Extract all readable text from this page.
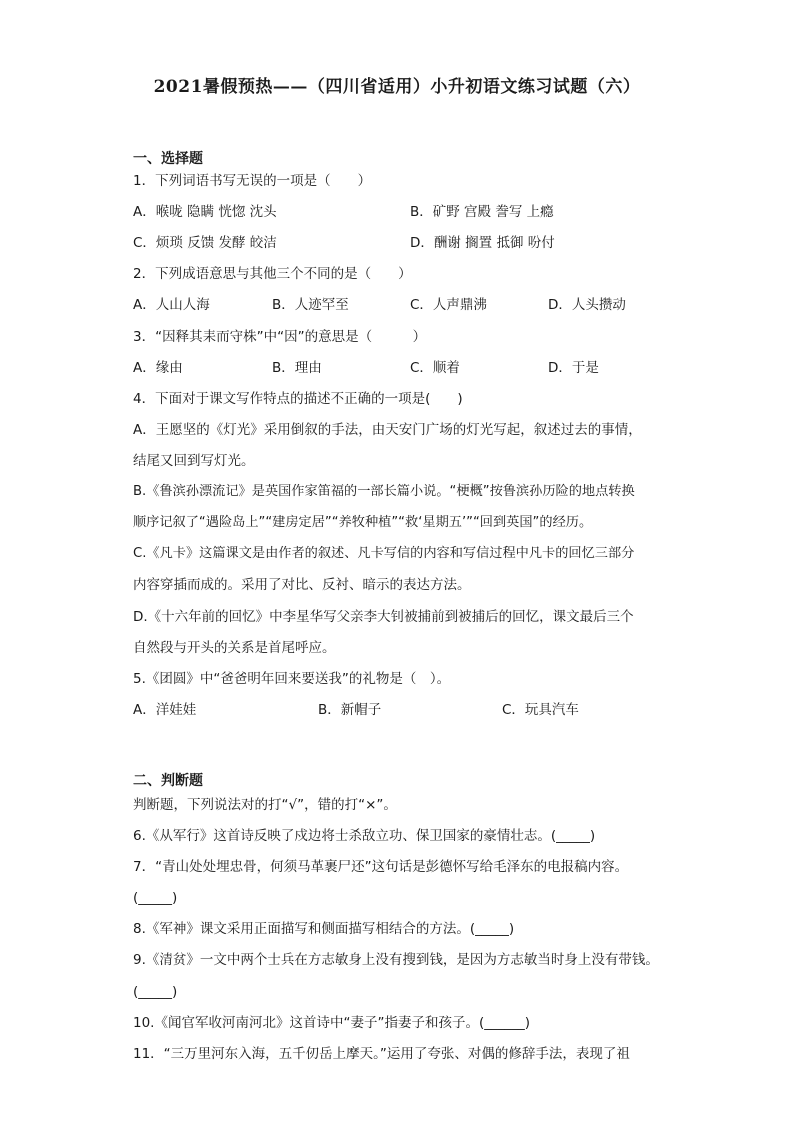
2021暑假预热——（四川省适用）小升初语文练习试题（六）
一、选择题
1．下列词语书写无误的一项是（　　）
A．喉咙 隐瞒 恍惚 沈头	B．矿野 宫殿 誊写 上瘾
C．烦琐 反馈 发酵 皎洁	D．酬谢 搁置 抵御 吩付
2．下列成语意思与其他三个不同的是（　　）
A．人山人海	B．人迹罕至	C．人声鼎沸	D．人头攒动
3．“因释其耒而守株”中“因”的意思是（　　　）
A．缘由	B．理由	C．顺着	D．于是
4．下面对于课文写作特点的描述不正确的一项是(　　)
A．王愿坚的《灯光》采用倒叙的手法，由天安门广场的灯光写起，叙述过去的事情，
结尾又回到写灯光。
B.《鲁滨孙漂流记》是英国作家笛福的一部长篇小说。“梗概”按鲁滨孙历险的地点转换
顺序记叙了“遇险岛上”“建房定居”“养牧种植”“救‘星期五’”“回到英国”的经历。
C.《凡卡》这篇课文是由作者的叙述、凡卡写信的内容和写信过程中凡卡的回忆三部分
内容穿插而成的。采用了对比、反衬、暗示的表达方法。
D.《十六年前的回忆》中李星华写父亲李大钊被捕前到被捕后的回忆，课文最后三个
自然段与开头的关系是首尾呼应。
5.《团圆》中“爸爸明年回来要送我”的礼物是（　）。
A．洋娃娃	B．新帽子	C．玩具汽车
二、判断题
判断题，下列说法对的打“√”，错的打“×”。
6.《从军行》这首诗反映了戍边将士杀敌立功、保卫国家的豪情壮志。(_____)
7．“青山处处埋忠骨，何须马革裹尸还”这句话是彭德怀写给毛泽东的电报稿内容。
(_____)
8.《军神》课文采用正面描写和侧面描写相结合的方法。(_____)
9.《清贫》一文中两个士兵在方志敏身上没有搜到钱，是因为方志敏当时身上没有带钱。
(_____)
10.《闻官军收河南河北》这首诗中“妻子”指妻子和孩子。(______)
11．“三万里河东入海，五千仞岳上摩天。”运用了夸张、对偶的修辞手法，表现了祖
